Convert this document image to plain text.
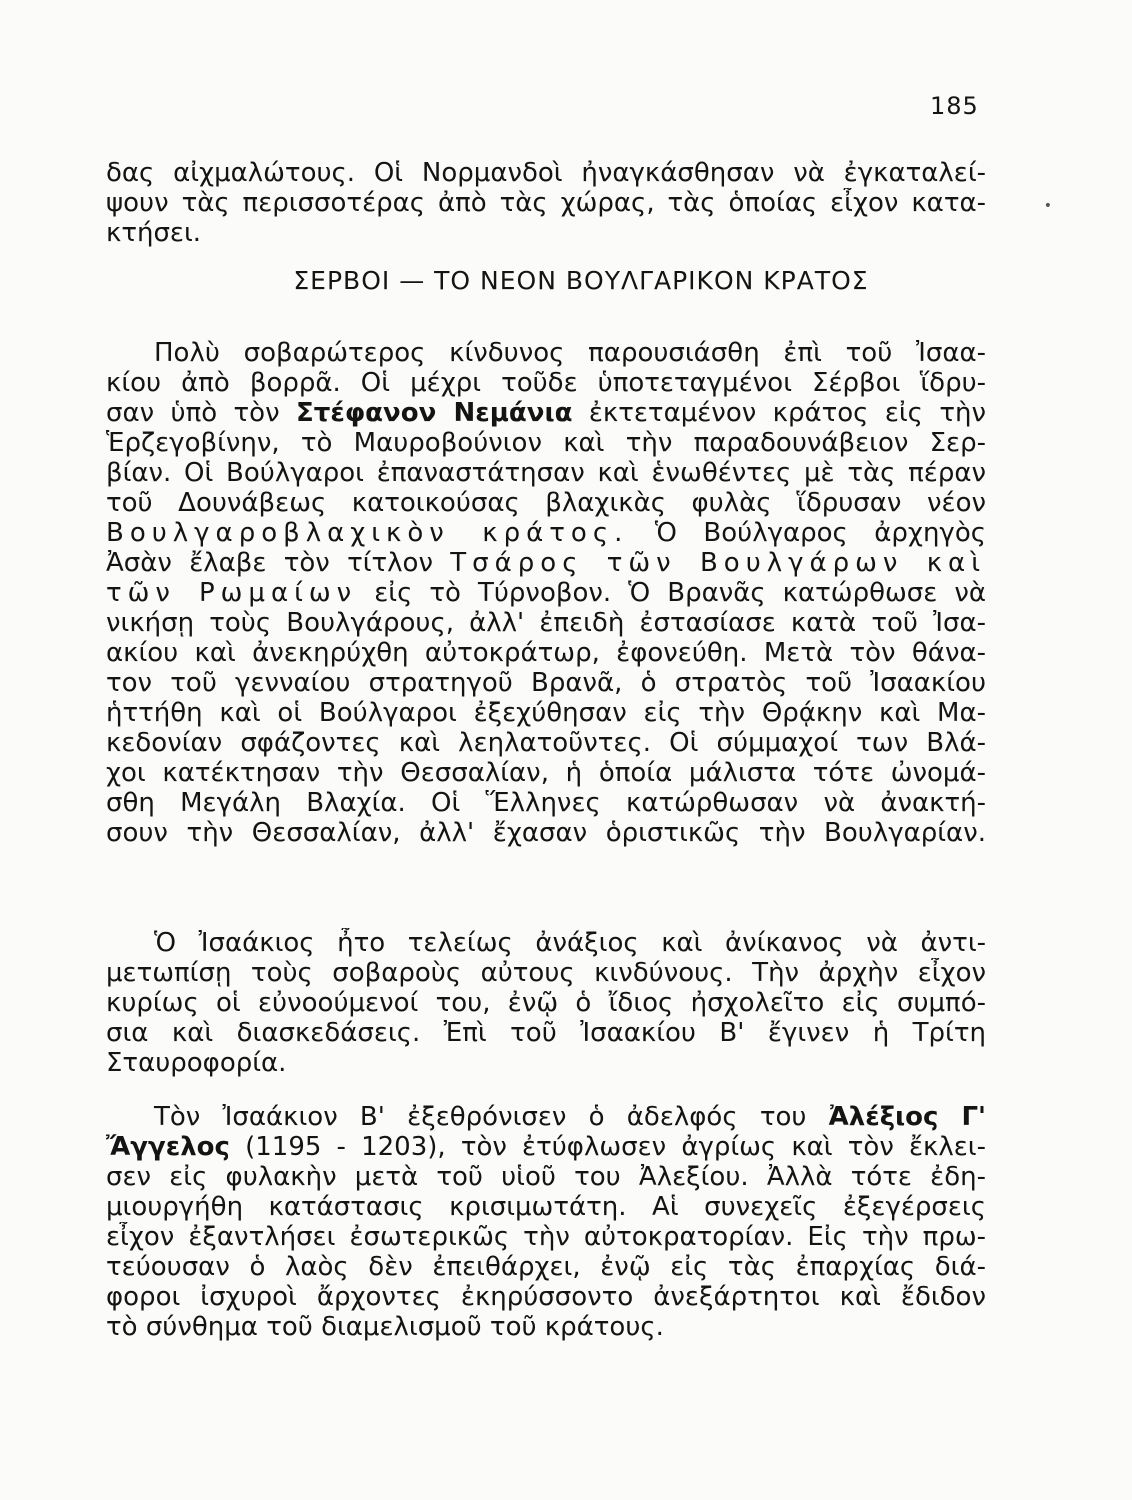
185
•
δας αἰχμαλώτους. Οἱ Νορμανδοὶ ἠναγκάσθησαν νὰ ἐγκαταλεί-
ψουν τὰς περισσοτέρας ἀπὸ τὰς χώρας, τὰς ὁποίας εἶχον κατα-
κτήσει.
ΣΕΡΒΟΙ — ΤΟ ΝΕΟΝ ΒΟΥΛΓΑΡΙΚΟΝ ΚΡΑΤΟΣ
Πολὺ σοβαρώτερος κίνδυνος παρουσιάσθη ἐπὶ τοῦ Ἰσαα-
κίου ἀπὸ βορρᾶ. Οἱ μέχρι τοῦδε ὑποτεταγμένοι Σέρβοι ἵδρυ-
σαν ὑπὸ τὸν Στέφανον Νεμάνια ἐκτεταμένον κράτος εἰς τὴν
Ἑρζεγοβίνην, τὸ Μαυροβούνιον καὶ τὴν παραδουνάβειον Σερ-
βίαν. Οἱ Βούλγαροι ἐπαναστάτησαν καὶ ἑνωθέντες μὲ τὰς πέραν
τοῦ Δουνάβεως κατοικούσας βλαχικὰς φυλὰς ἵδρυσαν νέον
Βουλγαροβλαχικὸν κράτος. Ὁ Βούλγαρος ἀρχηγὸς
Ἀσὰν ἔλαβε τὸν τίτλον Τσάρος τῶν Βουλγάρων καὶ
τῶν Ρωμαίων εἰς τὸ Τύρνοβον. Ὁ Βρανᾶς κατώρθωσε νὰ
νικήσῃ τοὺς Βουλγάρους, ἀλλ' ἐπειδὴ ἐστασίασε κατὰ τοῦ Ἰσα-
ακίου καὶ ἀνεκηρύχθη αὐτοκράτωρ, ἐφονεύθη. Μετὰ τὸν θάνα-
τον τοῦ γενναίου στρατηγοῦ Βρανᾶ, ὁ στρατὸς τοῦ Ἰσαακίου
ἡττήθη καὶ οἱ Βούλγαροι ἐξεχύθησαν εἰς τὴν Θρᾴκην καὶ Μα-
κεδονίαν σφάζοντες καὶ λεηλατοῦντες. Οἱ σύμμαχοί των Βλά-
χοι κατέκτησαν τὴν Θεσσαλίαν, ἡ ὁποία μάλιστα τότε ὠνομά-
σθη Μεγάλη Βλαχία. Οἱ Ἕλληνες κατώρθωσαν νὰ ἀνακτή-
σουν τὴν Θεσσαλίαν, ἀλλ' ἔχασαν ὁριστικῶς τὴν Βουλγαρίαν.
Ὁ Ἰσαάκιος ἦτο τελείως ἀνάξιος καὶ ἀνίκανος νὰ ἀντι-
μετωπίσῃ τοὺς σοβαροὺς αὐτους κινδύνους. Τὴν ἀρχὴν εἶχον
κυρίως οἱ εὐνοούμενοί του, ἐνῷ ὁ ἴδιος ἠσχολεῖτο εἰς συμπό-
σια καὶ διασκεδάσεις. Ἐπὶ τοῦ Ἰσαακίου Β' ἔγινεν ἡ Τρίτη
Σταυροφορία.
Τὸν Ἰσαάκιον Β' ἐξεθρόνισεν ὁ ἀδελφός του Ἀλέξιος Γ'
Ἄγγελος (1195 - 1203), τὸν ἐτύφλωσεν ἀγρίως καὶ τὸν ἔκλει-
σεν εἰς φυλακὴν μετὰ τοῦ υἱοῦ του Ἀλεξίου. Ἀλλὰ τότε ἐδη-
μιουργήθη κατάστασις κρισιμωτάτη. Αἱ συνεχεῖς ἐξεγέρσεις
εἶχον ἐξαντλήσει ἐσωτερικῶς τὴν αὐτοκρατορίαν. Εἰς τὴν πρω-
τεύουσαν ὁ λαὸς δὲν ἐπειθάρχει, ἐνῷ εἰς τὰς ἐπαρχίας διά-
φοροι ἰσχυροὶ ἄρχοντες ἐκηρύσσοντο ἀνεξάρτητοι καὶ ἔδιδον
τὸ σύνθημα τοῦ διαμελισμοῦ τοῦ κράτους.
